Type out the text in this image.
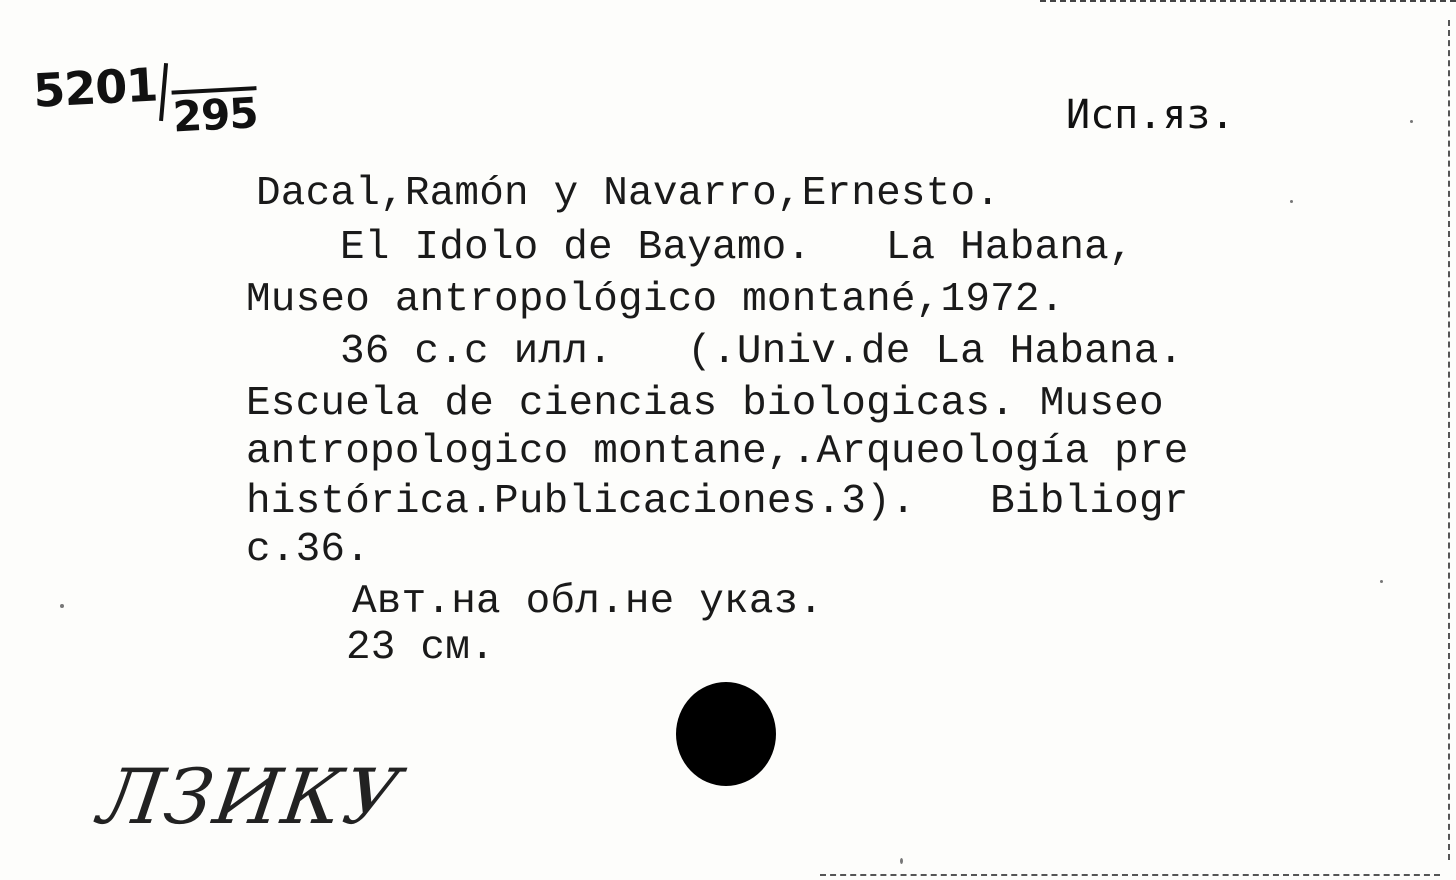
5201 295	Исп.яз.
Dacal,Ramón y Navarro,Ernesto.
El Idolo de Bayamo.   La Habana,
Museo antropológico montané,1972.
36 c.c илл.   (.Univ.de La Habana.
Escuela de ciencias biologicas. Museo
antropologico montane,.Arqueología pre
histórica.Publicaciones.3).   Bibliogr
c.36.
Авт.на обл.не указ.
23 см.
ЛЗИКУ
